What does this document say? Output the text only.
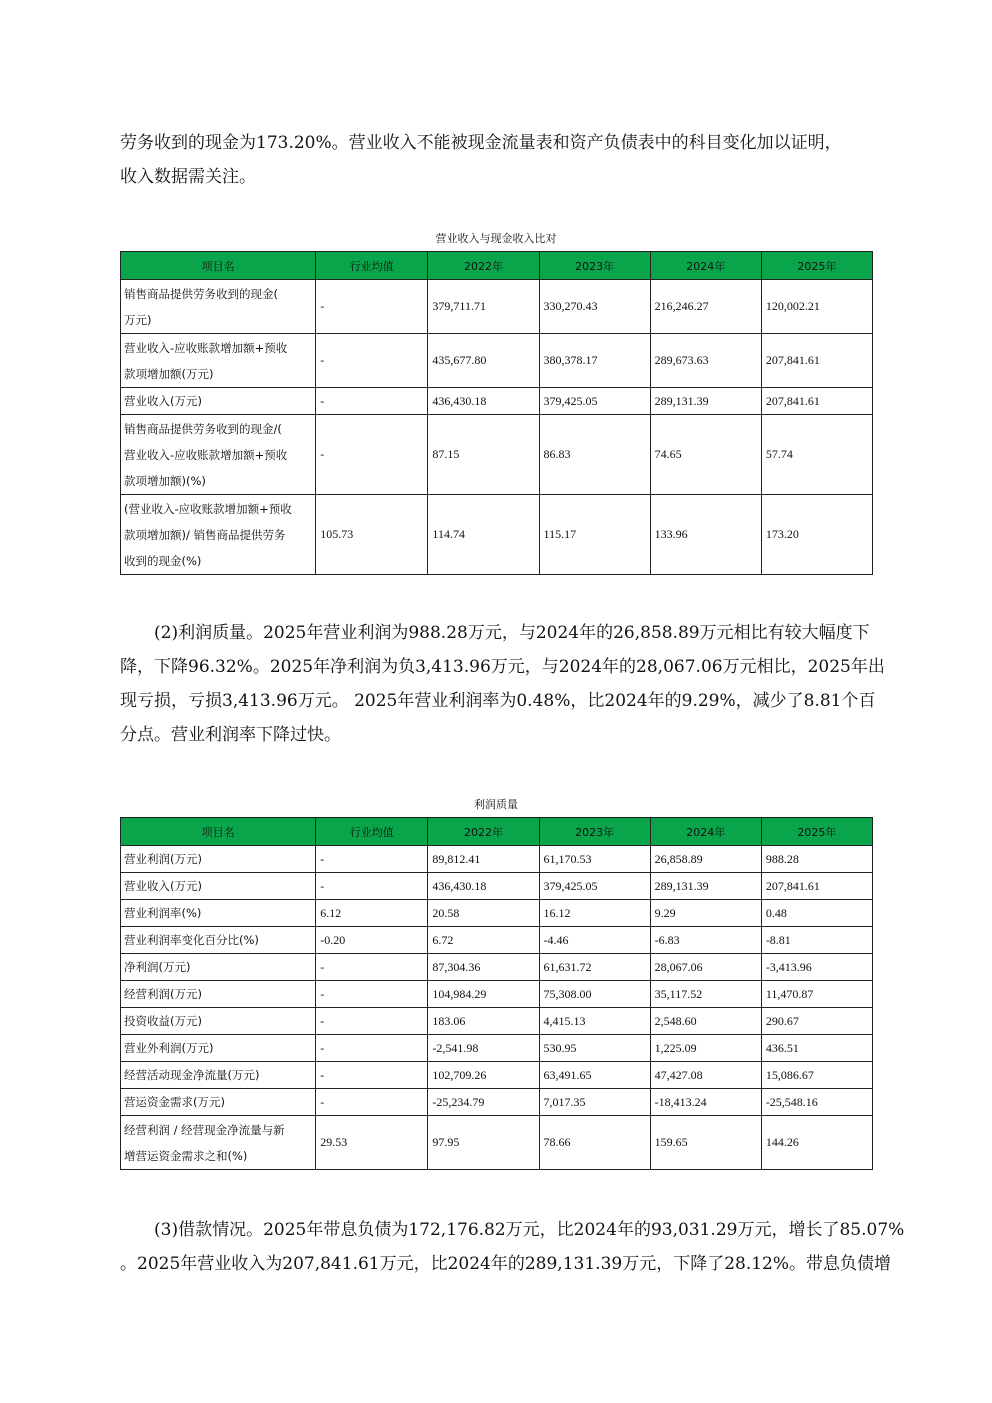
劳务收到的现金为173.20%。营业收入不能被现金流量表和资产负债表中的科目变化加以证明，
收入数据需关注。
营业收入与现金收入比对
项目名	行业均值	2022年	2023年	2024年	2025年

销售商品提供劳务收到的现金(
万元)	-	379,711.71	330,270.43	216,246.27	120,002.21

营业收入-应收账款增加额+预收
款项增加额(万元)	-	435,677.80	380,378.17	289,673.63	207,841.61

营业收入(万元)	-	436,430.18	379,425.05	289,131.39	207,841.61

销售商品提供劳务收到的现金/(
营业收入-应收账款增加额+预收
款项增加额)(%)	-	87.15	86.83	74.65	57.74

(营业收入-应收账款增加额+预收
款项增加额)/ 销售商品提供劳务
收到的现金(%)	105.73	114.74	115.17	133.96	173.20
(2)利润质量。2025年营业利润为988.28万元，与2024年的26,858.89万元相比有较大幅度下
降，下降96.32%。2025年净利润为负3,413.96万元，与2024年的28,067.06万元相比，2025年出
现亏损，亏损3,413.96万元。 2025年营业利润率为0.48%，比2024年的9.29%，减少了8.81个百
分点。营业利润率下降过快。
利润质量
项目名	行业均值	2022年	2023年	2024年	2025年

营业利润(万元)	-	89,812.41	61,170.53	26,858.89	988.28

营业收入(万元)	-	436,430.18	379,425.05	289,131.39	207,841.61

营业利润率(%)	6.12	20.58	16.12	9.29	0.48

营业利润率变化百分比(%)	-0.20	6.72	-4.46	-6.83	-8.81

净利润(万元)	-	87,304.36	61,631.72	28,067.06	-3,413.96

经营利润(万元)	-	104,984.29	75,308.00	35,117.52	11,470.87

投资收益(万元)	-	183.06	4,415.13	2,548.60	290.67

营业外利润(万元)	-	-2,541.98	530.95	1,225.09	436.51

经营活动现金净流量(万元)	-	102,709.26	63,491.65	47,427.08	15,086.67

营运资金需求(万元)	-	-25,234.79	7,017.35	-18,413.24	-25,548.16

经营利润 / 经营现金净流量与新
增营运资金需求之和(%)	29.53	97.95	78.66	159.65	144.26
(3)借款情况。2025年带息负债为172,176.82万元，比2024年的93,031.29万元，增长了85.07%
。2025年营业收入为207,841.61万元，比2024年的289,131.39万元，下降了28.12%。带息负债增
